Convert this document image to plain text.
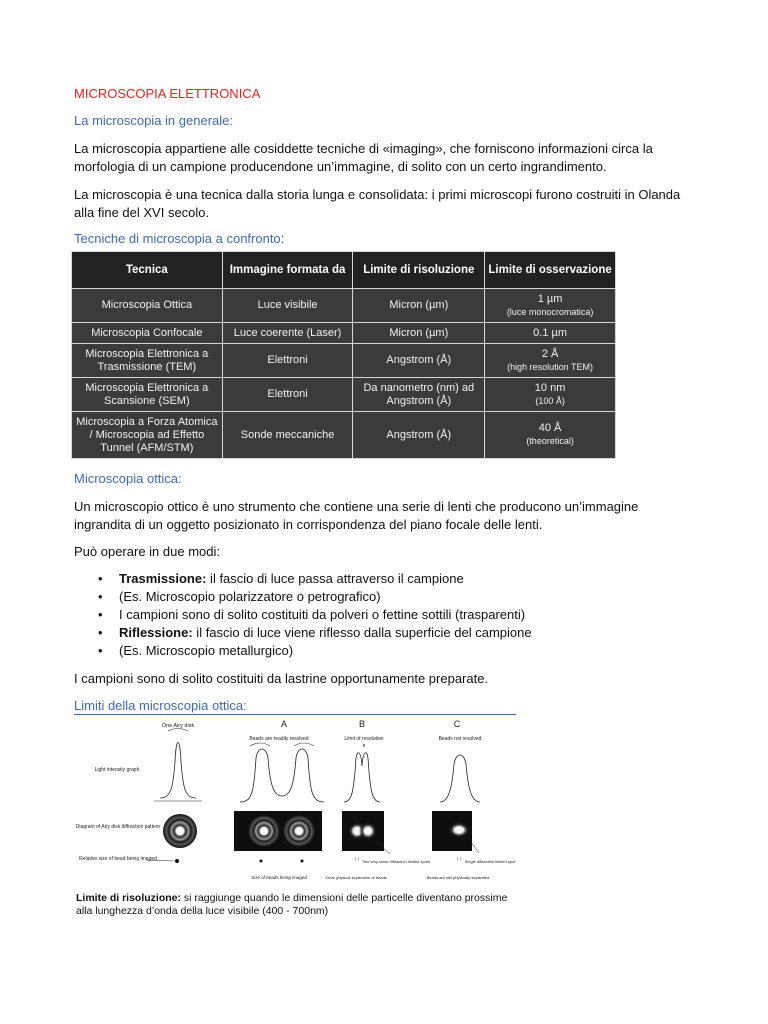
MICROSCOPIA ELETTRONICA
La microscopia in generale:
La microscopia appartiene alle cosiddette tecniche di «imaging», che forniscono informazioni circa la morfologia di un campione producendone un’immagine, di solito con un certo ingrandimento.
La microscopia è una tecnica dalla storia lunga e consolidata: i primi microscopi furono costruiti in Olanda alla fine del XVI secolo.
Tecniche di microscopia a confronto:
Tecnica	Immagine formata da	Limite di risoluzione	Limite di osservazione
Microscopia Ottica	Luce visibile	Micron (µm)	1 µm
(luce monocromatica)

Microscopia Confocale	Luce coerente (Laser)	Micron (µm)	0.1 µm

Microscopia Elettronica a Trasmissione (TEM)	Elettroni	Angstrom (Å)	2 Å
(high resolution TEM)

Microscopia Elettronica a Scansione (SEM)	Elettroni	Da nanometro (nm) ad Angstrom (Å)	10 nm
(100 Å)

Microscopia a Forza Atomica / Microscopia ad Effetto Tunnel (AFM/STM)	Sonde meccaniche	Angstrom (Å)	40 Å
(theoretical)
Microscopia ottica:
Un microscopio ottico è uno strumento che contiene una serie di lenti che producono un’immagine ingrandita di un oggetto posizionato in corrispondenza del piano focale delle lenti.
Può operare in due modi:
• Trasmissione: il fascio di luce passa attraverso il campione
• (Es. Microscopio polarizzatore o petrografico)
• I campioni sono di solito costituiti da polveri o fettine sottili (trasparenti)
• Riflessione: il fascio di luce viene riflesso dalla superficie del campione
• (Es. Microscopio metallurgico)
I campioni sono di solito costituiti da lastrine opportunamente preparate.
Limiti della microscopia ottica:
One Airy disk
Light intensity graph
Diagram of Airy disk diffraction pattern
Relative size of bead being imaged
A
Beads are readily resolved
Size of beads being imaged
B
Limit of resolution
e
↑↑
Clear physical separation of beads
Two very close diffraction limited spots
C
Beads not resolved
↑↑
Beads are still physically separated
Single diffraction limited spot
Limite di risoluzione: si raggiunge quando le dimensioni delle particelle diventano prossime alla lunghezza d’onda della luce visibile (400 - 700nm)
